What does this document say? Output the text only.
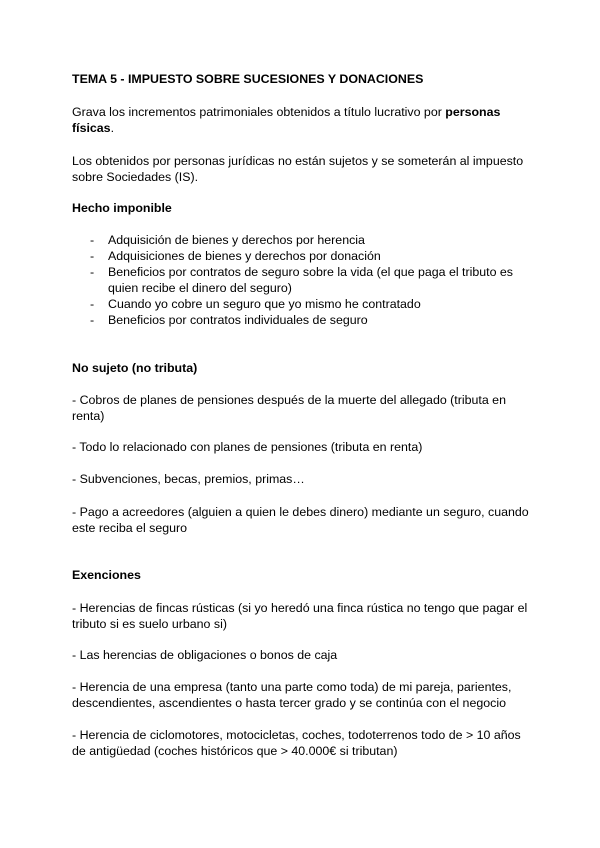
TEMA 5 - IMPUESTO SOBRE SUCESIONES Y DONACIONES

Grava los incrementos patrimoniales obtenidos a título lucrativo por personas físicas.

Los obtenidos por personas jurídicas no están sujetos y se someterán al impuesto sobre Sociedades (IS).

Hecho imponible

- Adquisición de bienes y derechos por herencia
- Adquisiciones de bienes y derechos por donación
- Beneficios por contratos de seguro sobre la vida (el que paga el tributo es quien recibe el dinero del seguro)
- Cuando yo cobre un seguro que yo mismo he contratado
- Beneficios por contratos individuales de seguro

No sujeto (no tributa)

- Cobros de planes de pensiones después de la muerte del allegado (tributa en renta)

- Todo lo relacionado con planes de pensiones (tributa en renta)

- Subvenciones, becas, premios, primas…

- Pago a acreedores (alguien a quien le debes dinero) mediante un seguro, cuando este reciba el seguro

Exenciones

- Herencias de fincas rústicas (si yo heredó una finca rústica no tengo que pagar el tributo si es suelo urbano si)

- Las herencias de obligaciones o bonos de caja

- Herencia de una empresa (tanto una parte como toda) de mi pareja, parientes, descendientes, ascendientes o hasta tercer grado y se continúa con el negocio

- Herencia de ciclomotores, motocicletas, coches, todoterrenos todo de > 10 años de antigüedad (coches históricos que > 40.000€ si tributan)
